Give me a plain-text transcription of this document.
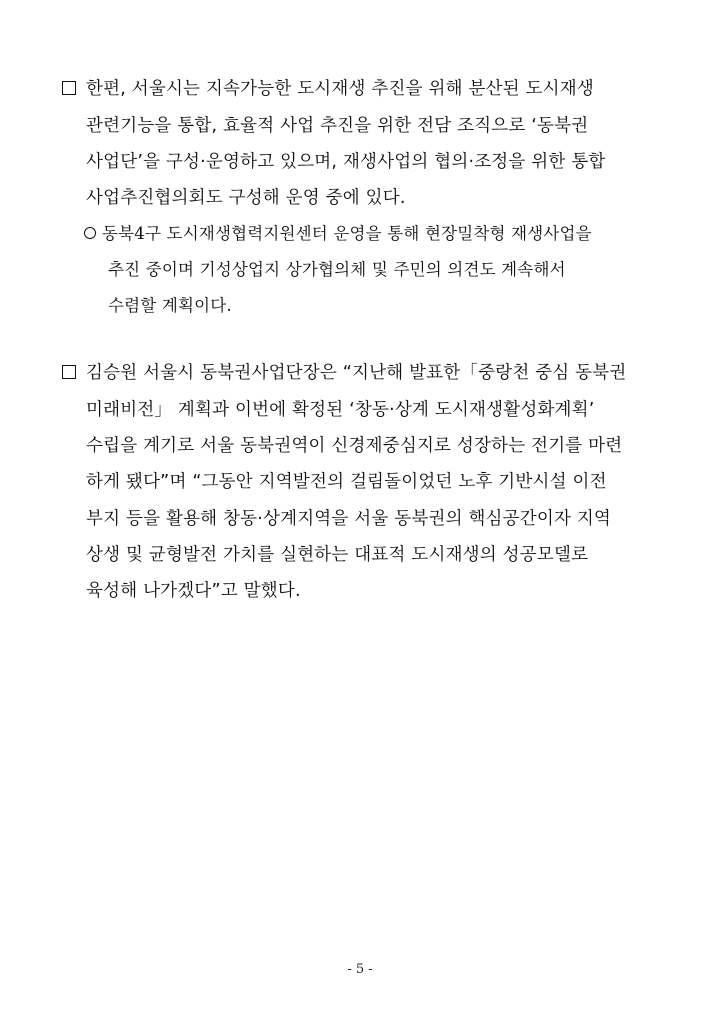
한편, 서울시는 지속가능한 도시재생 추진을 위해 분산된 도시재생
관련기능을 통합, 효율적 사업 추진을 위한 전담 조직으로 ‘동북권
사업단’을 구성·운영하고 있으며, 재생사업의 협의·조정을 위한 통합
사업추진협의회도 구성해 운영 중에 있다.
동북4구 도시재생협력지원센터 운영을 통해 현장밀착형 재생사업을
추진 중이며 기성상업지 상가협의체 및 주민의 의견도 계속해서
수렴할 계획이다.
김승원 서울시 동북권사업단장은 “지난해 발표한「중랑천 중심 동북권
미래비전」 계획과 이번에 확정된 ‘창동·상계 도시재생활성화계획’
수립을 계기로 서울 동북권역이 신경제중심지로 성장하는 전기를 마련
하게 됐다”며 “그동안 지역발전의 걸림돌이었던 노후 기반시설 이전
부지 등을 활용해 창동·상계지역을 서울 동북권의 핵심공간이자 지역
상생 및 균형발전 가치를 실현하는 대표적 도시재생의 성공모델로
육성해 나가겠다”고 말했다.
- 5 -
